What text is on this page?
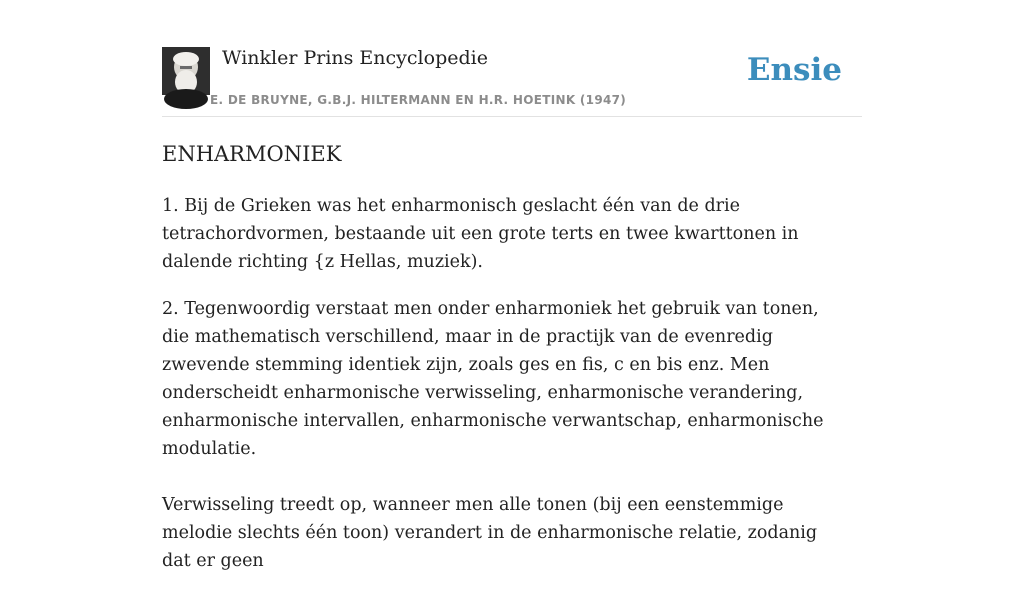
Winkler Prins Encyclopedie
E. DE BRUYNE, G.B.J. HILTERMANN EN H.R. HOETINK (1947)
Ensie
ENHARMONIEK

1. Bij de Grieken was het enharmonisch geslacht één van de drie tetrachordvormen, bestaande uit een grote terts en twee kwarttonen in dalende richting {z Hellas, muziek).

2. Tegenwoordig verstaat men onder enharmoniek het gebruik van tonen, die mathematisch verschillend, maar in de practijk van de evenredig zwevende stemming identiek zijn, zoals ges en fis, c en bis enz. Men onderscheidt enharmonische verwisseling, enharmonische verandering, enharmonische intervallen, enharmonische verwantschap, enharmonische modulatie.

Verwisseling treedt op, wanneer men alle tonen (bij een eenstemmige melodie slechts één toon) verandert in de enharmonische relatie, zodanig dat er geen
